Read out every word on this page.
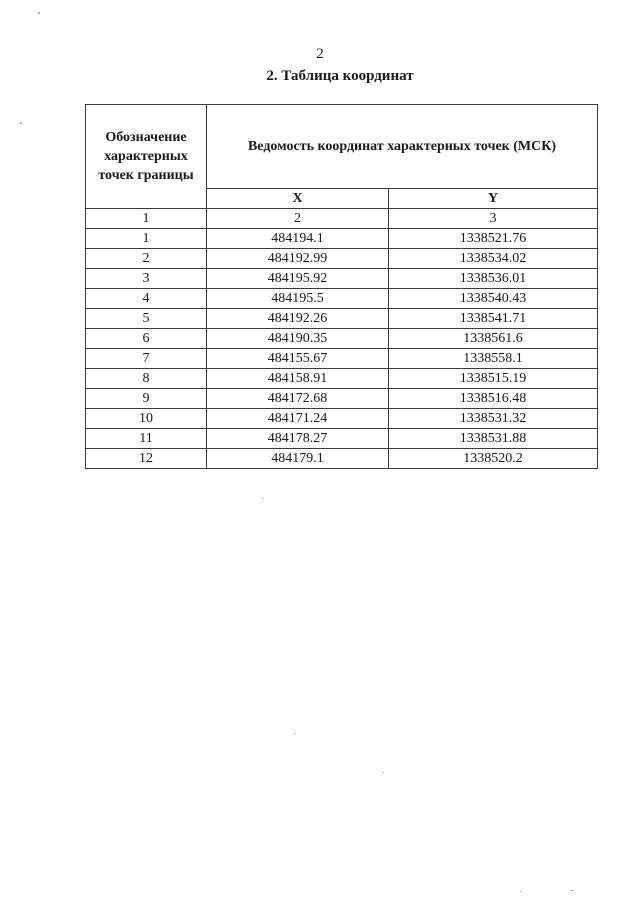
2
2. Таблица координат
Обозначение характерных точек границы	Ведомость координат характерных точек (МСК)	
	X	Y
1	2	3
1	484194.1	1338521.76
2	484192.99	1338534.02
3	484195.92	1338536.01
4	484195.5	1338540.43
5	484192.26	1338541.71
6	484190.35	1338561.6
7	484155.67	1338558.1
8	484158.91	1338515.19
9	484172.68	1338516.48
10	484171.24	1338531.32
11	484178.27	1338531.88
12	484179.1	1338520.2
